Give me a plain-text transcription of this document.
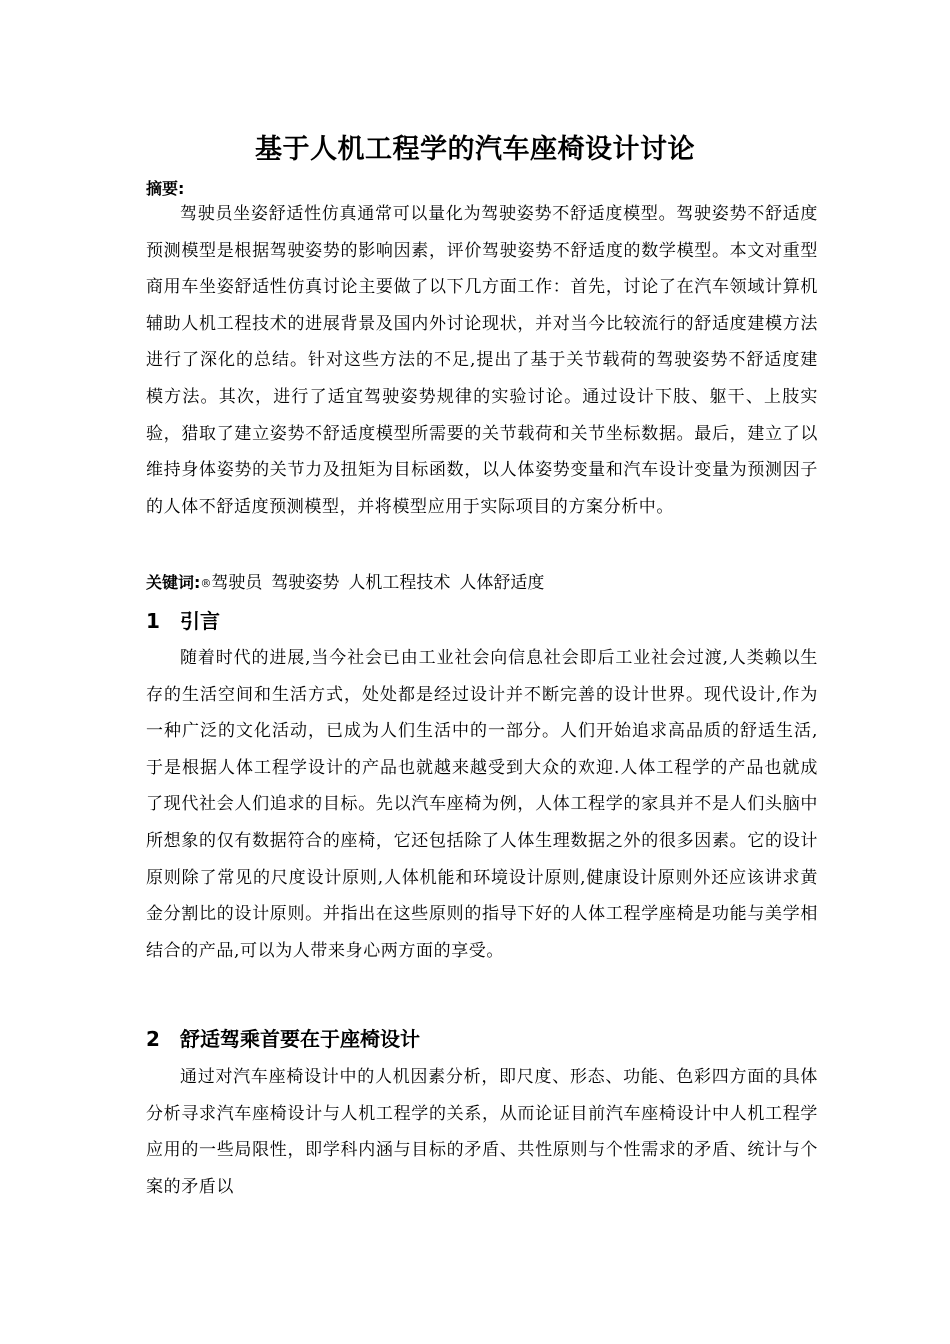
基于人机工程学的汽车座椅设计讨论
摘要:

驾驶员坐姿舒适性仿真通常可以量化为驾驶姿势不舒适度模型。驾驶姿势不舒适度预测模型是根据驾驶姿势的影响因素，评价驾驶姿势不舒适度的数学模型。本文对重型商用车坐姿舒适性仿真讨论主要做了以下几方面工作：首先，讨论了在汽车领域计算机辅助人机工程技术的进展背景及国内外讨论现状，并对当今比较流行的舒适度建模方法进行了深化的总结。针对这些方法的不足,提出了基于关节载荷的驾驶姿势不舒适度建模方法。其次，进行了适宜驾驶姿势规律的实验讨论。通过设计下肢、躯干、上肢实验，猎取了建立姿势不舒适度模型所需要的关节载荷和关节坐标数据。最后，建立了以维持身体姿势的关节力及扭矩为目标函数，以人体姿势变量和汽车设计变量为预测因子的人体不舒适度预测模型，并将模型应用于实际项目的方案分析中。

关键词:®驾驶员 驾驶姿势 人机工程技术 人体舒适度
1 引言

随着时代的进展,当今社会已由工业社会向信息社会即后工业社会过渡,人类赖以生存的生活空间和生活方式，处处都是经过设计并不断完善的设计世界。现代设计,作为一种广泛的文化活动，已成为人们生活中的一部分。人们开始追求高品质的舒适生活,于是根据人体工程学设计的产品也就越来越受到大众的欢迎.人体工程学的产品也就成了现代社会人们追求的目标。先以汽车座椅为例，人体工程学的家具并不是人们头脑中所想象的仅有数据符合的座椅，它还包括除了人体生理数据之外的很多因素。它的设计原则除了常见的尺度设计原则,人体机能和环境设计原则,健康设计原则外还应该讲求黄金分割比的设计原则。并指出在这些原则的指导下好的人体工程学座椅是功能与美学相结合的产品,可以为人带来身心两方面的享受。

2 舒适驾乘首要在于座椅设计

通过对汽车座椅设计中的人机因素分析，即尺度、形态、功能、色彩四方面的具体分析寻求汽车座椅设计与人机工程学的关系，从而论证目前汽车座椅设计中人机工程学应用的一些局限性，即学科内涵与目标的矛盾、共性原则与个性需求的矛盾、统计与个案的矛盾以
